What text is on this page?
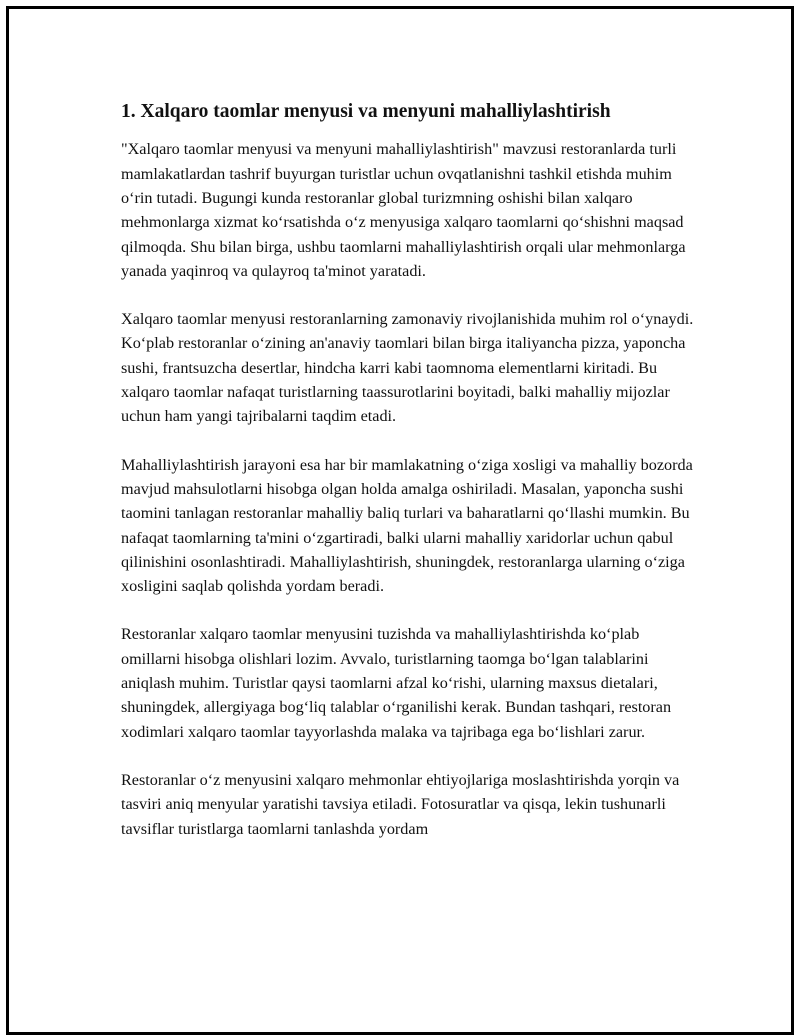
1. Xalqaro taomlar menyusi va menyuni mahalliylashtirish

"Xalqaro taomlar menyusi va menyuni mahalliylashtirish" mavzusi restoranlarda turli mamlakatlardan tashrif buyurgan turistlar uchun ovqatlanishni tashkil etishda muhim o‘rin tutadi. Bugungi kunda restoranlar global turizmning oshishi bilan xalqaro mehmonlarga xizmat ko‘rsatishda o‘z menyusiga xalqaro taomlarni qo‘shishni maqsad qilmoqda. Shu bilan birga, ushbu taomlarni mahalliylashtirish orqali ular mehmonlarga yanada yaqinroq va qulayroq ta'minot yaratadi.

Xalqaro taomlar menyusi restoranlarning zamonaviy rivojlanishida muhim rol o‘ynaydi. Ko‘plab restoranlar o‘zining an'anaviy taomlari bilan birga italiyancha pizza, yaponcha sushi, frantsuzcha desertlar, hindcha karri kabi taomnoma elementlarni kiritadi. Bu xalqaro taomlar nafaqat turistlarning taassurotlarini boyitadi, balki mahalliy mijozlar uchun ham yangi tajribalarni taqdim etadi.

Mahalliylashtirish jarayoni esa har bir mamlakatning o‘ziga xosligi va mahalliy bozorda mavjud mahsulotlarni hisobga olgan holda amalga oshiriladi. Masalan, yaponcha sushi taomini tanlagan restoranlar mahalliy baliq turlari va baharatlarni qo‘llashi mumkin. Bu nafaqat taomlarning ta'mini o‘zgartiradi, balki ularni mahalliy xaridorlar uchun qabul qilinishini osonlashtiradi. Mahalliylashtirish, shuningdek, restoranlarga ularning o‘ziga xosligini saqlab qolishda yordam beradi.

Restoranlar xalqaro taomlar menyusini tuzishda va mahalliylashtirishda ko‘plab omillarni hisobga olishlari lozim. Avvalo, turistlarning taomga bo‘lgan talablarini aniqlash muhim. Turistlar qaysi taomlarni afzal ko‘rishi, ularning maxsus dietalari, shuningdek, allergiyaga bog‘liq talablar o‘rganilishi kerak. Bundan tashqari, restoran xodimlari xalqaro taomlar tayyorlashda malaka va tajribaga ega bo‘lishlari zarur.

Restoranlar o‘z menyusini xalqaro mehmonlar ehtiyojlariga moslashtirishda yorqin va tasviri aniq menyular yaratishi tavsiya etiladi. Fotosuratlar va qisqa, lekin tushunarli tavsiflar turistlarga taomlarni tanlashda yordam
